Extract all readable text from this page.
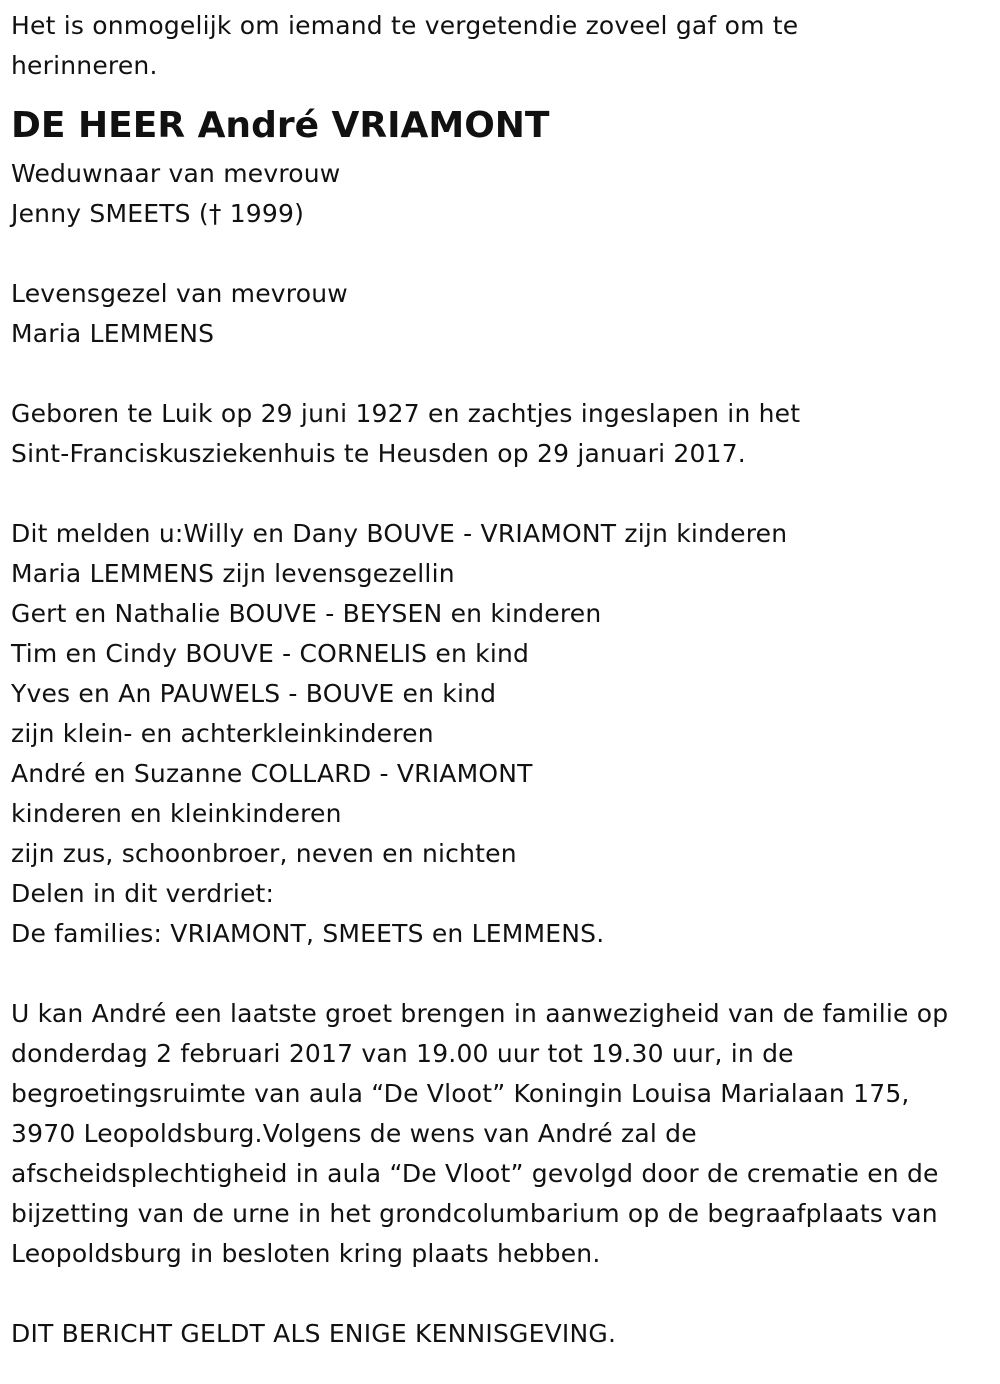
Het is onmogelijk om iemand te vergetendie zoveel gaf om te
herinneren.
DE HEER André VRIAMONT
Weduwnaar van mevrouw
Jenny SMEETS († 1999)
Levensgezel van mevrouw
Maria LEMMENS
Geboren te Luik op 29 juni 1927 en zachtjes ingeslapen in het
Sint-Franciskusziekenhuis te Heusden op 29 januari 2017.
Dit melden u:Willy en Dany BOUVE - VRIAMONT zijn kinderen
Maria LEMMENS zijn levensgezellin
Gert en Nathalie BOUVE - BEYSEN en kinderen
Tim en Cindy BOUVE - CORNELIS en kind
Yves en An PAUWELS - BOUVE en kind
zijn klein- en achterkleinkinderen
André en Suzanne COLLARD - VRIAMONT
kinderen en kleinkinderen
zijn zus, schoonbroer, neven en nichten
Delen in dit verdriet:
De families: VRIAMONT, SMEETS en LEMMENS.
U kan André een laatste groet brengen in aanwezigheid van de familie op
donderdag 2 februari 2017 van 19.00 uur tot 19.30 uur, in de
begroetingsruimte van aula “De Vloot” Koningin Louisa Marialaan 175,
3970 Leopoldsburg.Volgens de wens van André zal de
afscheidsplechtigheid in aula “De Vloot” gevolgd door de crematie en de
bijzetting van de urne in het grondcolumbarium op de begraafplaats van
Leopoldsburg in besloten kring plaats hebben.
DIT BERICHT GELDT ALS ENIGE KENNISGEVING.
